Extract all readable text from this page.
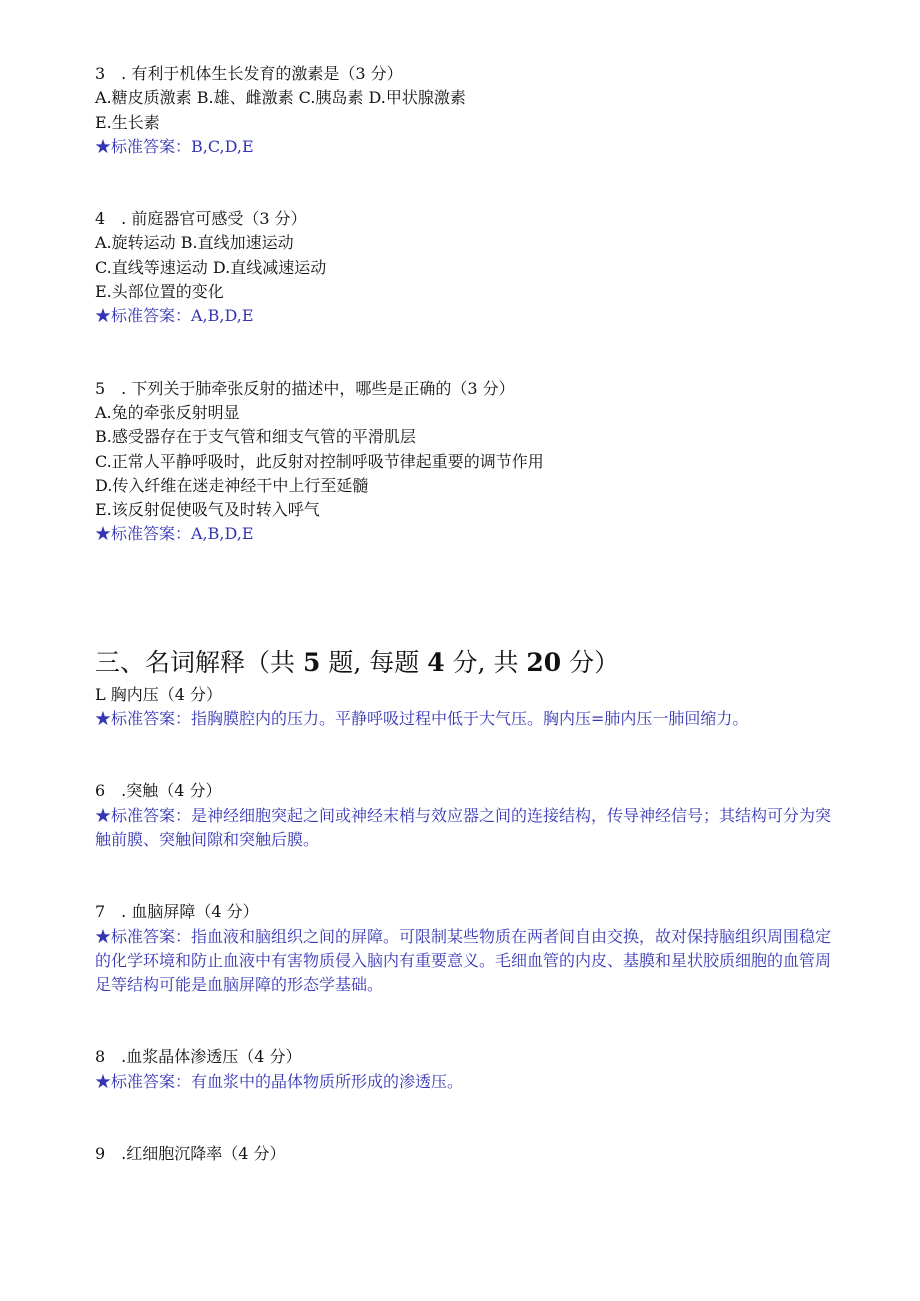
3　. 有利于机体生长发育的激素是（3 分）
A.糖皮质激素 B.雄、雌激素 C.胰岛素 D.甲状腺激素
E.生长素
★标准答案：B,C,D,E
4　. 前庭器官可感受（3 分）
A.旋转运动 B.直线加速运动
C.直线等速运动 D.直线减速运动
E.头部位置的变化
★标准答案：A,B,D,E
5　. 下列关于肺牵张反射的描述中，哪些是正确的（3 分）
A.兔的牵张反射明显
B.感受器存在于支气管和细支气管的平滑肌层
C.正常人平静呼吸时，此反射对控制呼吸节律起重要的调节作用
D.传入纤维在迷走神经干中上行至延髓
E.该反射促使吸气及时转入呼气
★标准答案：A,B,D,E
三、名词解释（共 5 题, 每题 4 分, 共 20 分）
L 胸内压（4 分）
★标准答案：指胸膜腔内的压力。平静呼吸过程中低于大气压。胸内压=肺内压一肺回缩力。
6　.突触（4 分）
★标准答案：是神经细胞突起之间或神经末梢与效应器之间的连接结构，传导神经信号；其结构可分为突触前膜、突触间隙和突触后膜。
7　. 血脑屏障（4 分）
★标准答案：指血液和脑组织之间的屏障。可限制某些物质在两者间自由交换，故对保持脑组织周围稳定的化学环境和防止血液中有害物质侵入脑内有重要意义。毛细血管的内皮、基膜和星状胶质细胞的血管周足等结构可能是血脑屏障的形态学基础。
8　.血浆晶体渗透压（4 分）
★标准答案：有血浆中的晶体物质所形成的渗透压。
9　.红细胞沉降率（4 分）
